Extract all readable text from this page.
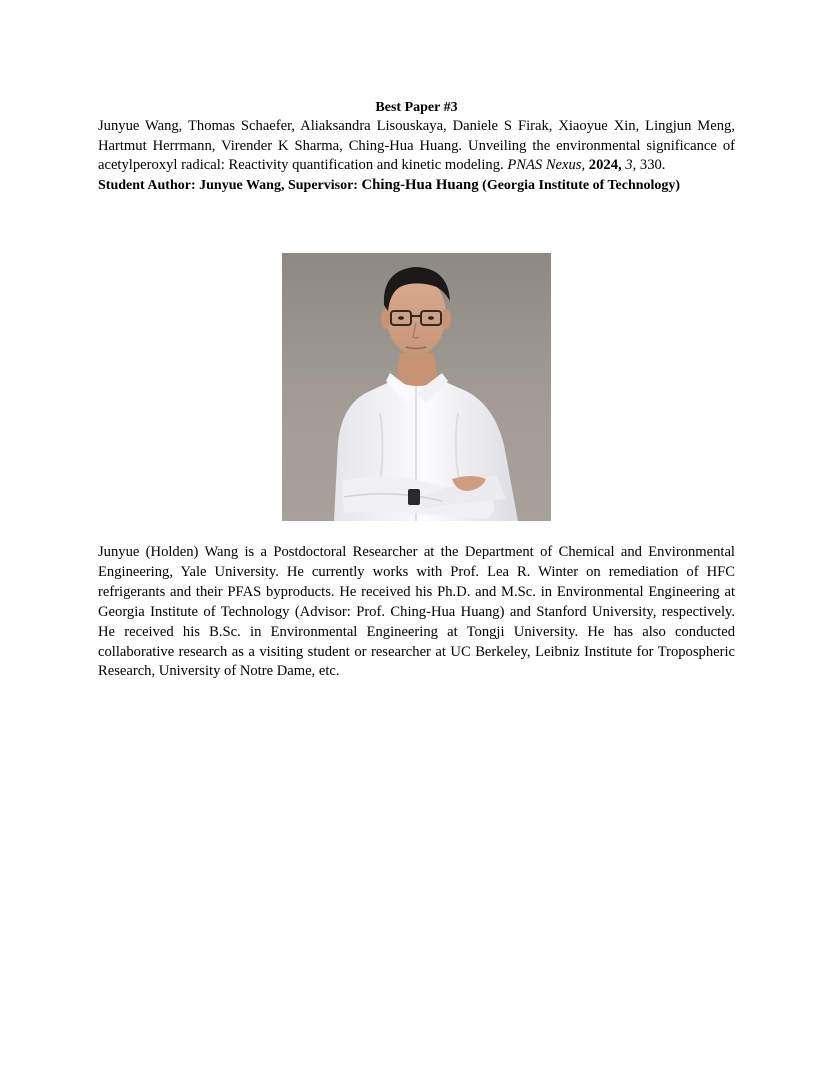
Best Paper #3

Junyue Wang, Thomas Schaefer, Aliaksandra Lisouskaya, Daniele S Firak, Xiaoyue Xin, Lingjun Meng, Hartmut Herrmann, Virender K Sharma, Ching-Hua Huang. Unveiling the environmental significance of acetylperoxyl radical: Reactivity quantification and kinetic modeling. PNAS Nexus, 2024, 3, 330.

Student Author: Junyue Wang, Supervisor: Ching-Hua Huang (Georgia Institute of Technology)

Junyue (Holden) Wang is a Postdoctoral Researcher at the Department of Chemical and Environmental Engineering, Yale University. He currently works with Prof. Lea R. Winter on remediation of HFC refrigerants and their PFAS byproducts. He received his Ph.D. and M.Sc. in Environmental Engineering at Georgia Institute of Technology (Advisor: Prof. Ching-Hua Huang) and Stanford University, respectively. He received his B.Sc. in Environmental Engineering at Tongji University. He has also conducted collaborative research as a visiting student or researcher at UC Berkeley, Leibniz Institute for Tropospheric Research, University of Notre Dame, etc.
